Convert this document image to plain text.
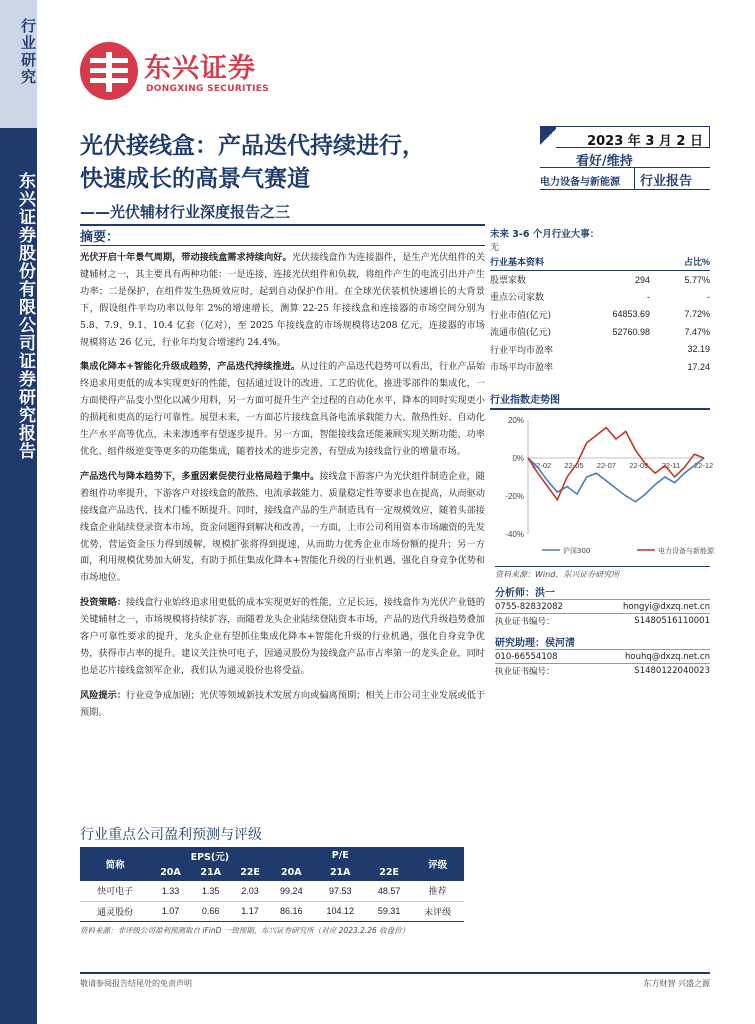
行业研究
东兴证券股份有限公司证券研究报告
东兴证券
DONGXING SECURITIES
光伏接线盒：产品迭代持续进行，
快速成长的高景气赛道
——光伏辅材行业深度报告之三
2023 年 3 月 2 日
看好/维持
电力设备与新能源	行业报告
摘要：

光伏开启十年景气周期，带动接线盒需求持续向好。光伏接线盒作为连接器件，是生产光伏组件的关键辅材之一，其主要具有两种功能：一是连接，连接光伏组件和负载，将组件产生的电流引出并产生功率；二是保护，在组件发生热斑效应时，起到自动保护作用。在全球光伏装机快速增长的大背景下，假设组件平均功率以每年 2%的增速增长，测算 22-25 年接线盒和连接器的市场空间分别为 5.8、7.9、9.1、10.4 亿套（亿对），至 2025 年接线盒的市场规模将达208 亿元，连接器的市场规模将达 26 亿元，行业年均复合增速约 24.4%。

集成化降本+智能化升级成趋势，产品迭代持续推进。从过往的产品迭代趋势可以看出，行业产品始终追求用更低的成本实现更好的性能，包括通过设计的改进、工艺的优化，推进零部件的集成化，一方面使得产品变小型化以减少用料，另一方面可提升生产全过程的自动化水平，降本的同时实现更小的损耗和更高的运行可靠性。展望未来，一方面芯片接线盒具备电流承载能力大、散热性好、自动化生产水平高等优点，未来渗透率有望逐步提升。另一方面，智能接线盒还能兼顾实现关断功能、功率优化、组件级逆变等更多的功能集成，随着技术的进步完善，有望成为接线盒行业的增量市场。

产品迭代与降本趋势下，多重因素促使行业格局趋于集中。接线盒下游客户为光伏组件制造企业，随着组件功率提升，下游客户对接线盒的散热、电流承载能力、质量稳定性等要求也在提高，从而驱动接线盒产品迭代、技术门槛不断提升。同时，接线盒产品的生产制造具有一定规模效应，随着头部接线盒企业陆续登录资本市场，资金问题得到解决和改善，一方面，上市公司利用资本市场融资的先发优势，营运资金压力得到缓解，规模扩张将得到提速，从而助力优秀企业市场份额的提升；另一方面，利用规模优势加大研发，有助于抓住集成化降本+智能化升级的行业机遇，强化自身竞争优势和市场地位。

投资策略：接线盒行业始终追求用更低的成本实现更好的性能，立足长远，接线盒作为光伏产业链的关键辅材之一，市场规模将持续扩容，而随着龙头企业陆续登陆资本市场，产品的迭代升级趋势叠加客户可靠性要求的提升，龙头企业有望抓住集成化降本+智能化升级的行业机遇，强化自身竞争优势，获得市占率的提升。建议关注快可电子，因通灵股份为接线盒产品市占率第一的龙头企业，同时也是芯片接线盒领军企业，我们认为通灵股份也将受益。

风险提示：行业竞争成加剧；光伏等领域新技术发展方向或偏离预期；相关上市公司主业发展或低于预期。

未来 3-6 个月行业大事：
无
行业基本资料		占比%
股票家数	294	5.77%
重点公司家数	-	-
行业市值(亿元)	64853.69	7.72%
流通市值(亿元)	52760.98	7.47%
行业平均市盈率		32.19
市场平均市盈率		17.24
行业指数走势图
20%
0%
-20%
-40%
22-02 22-05 22-07 22-09 22-11 22-12
沪深300	电力设备与新能源
资料来源：Wind、东兴证券研究所
分析师：洪一
0755-82832082	hongyi@dxzq.net.cn
执业证书编号：	S1480516110001
研究助理：侯河清
010-66554108	houhq@dxzq.net.cn
执业证书编号：	S1480122040023
行业重点公司盈利预测与评级
简称	EPS(元)			P/E			评级
	20A	21A	22E	20A	21A	22E	
快可电子	1.33	1.35	2.03	99.24	97.53	48.57	推荐
通灵股份	1.07	0.66	1.17	86.16	104.12	59.31	未评级
资料来源：非评级公司盈利预测取自 iFinD 一致预期，东兴证券研究所（对应 2023.2.26 收盘价）
敬请参阅报告结尾处的免责声明	东方财智 兴盛之源
